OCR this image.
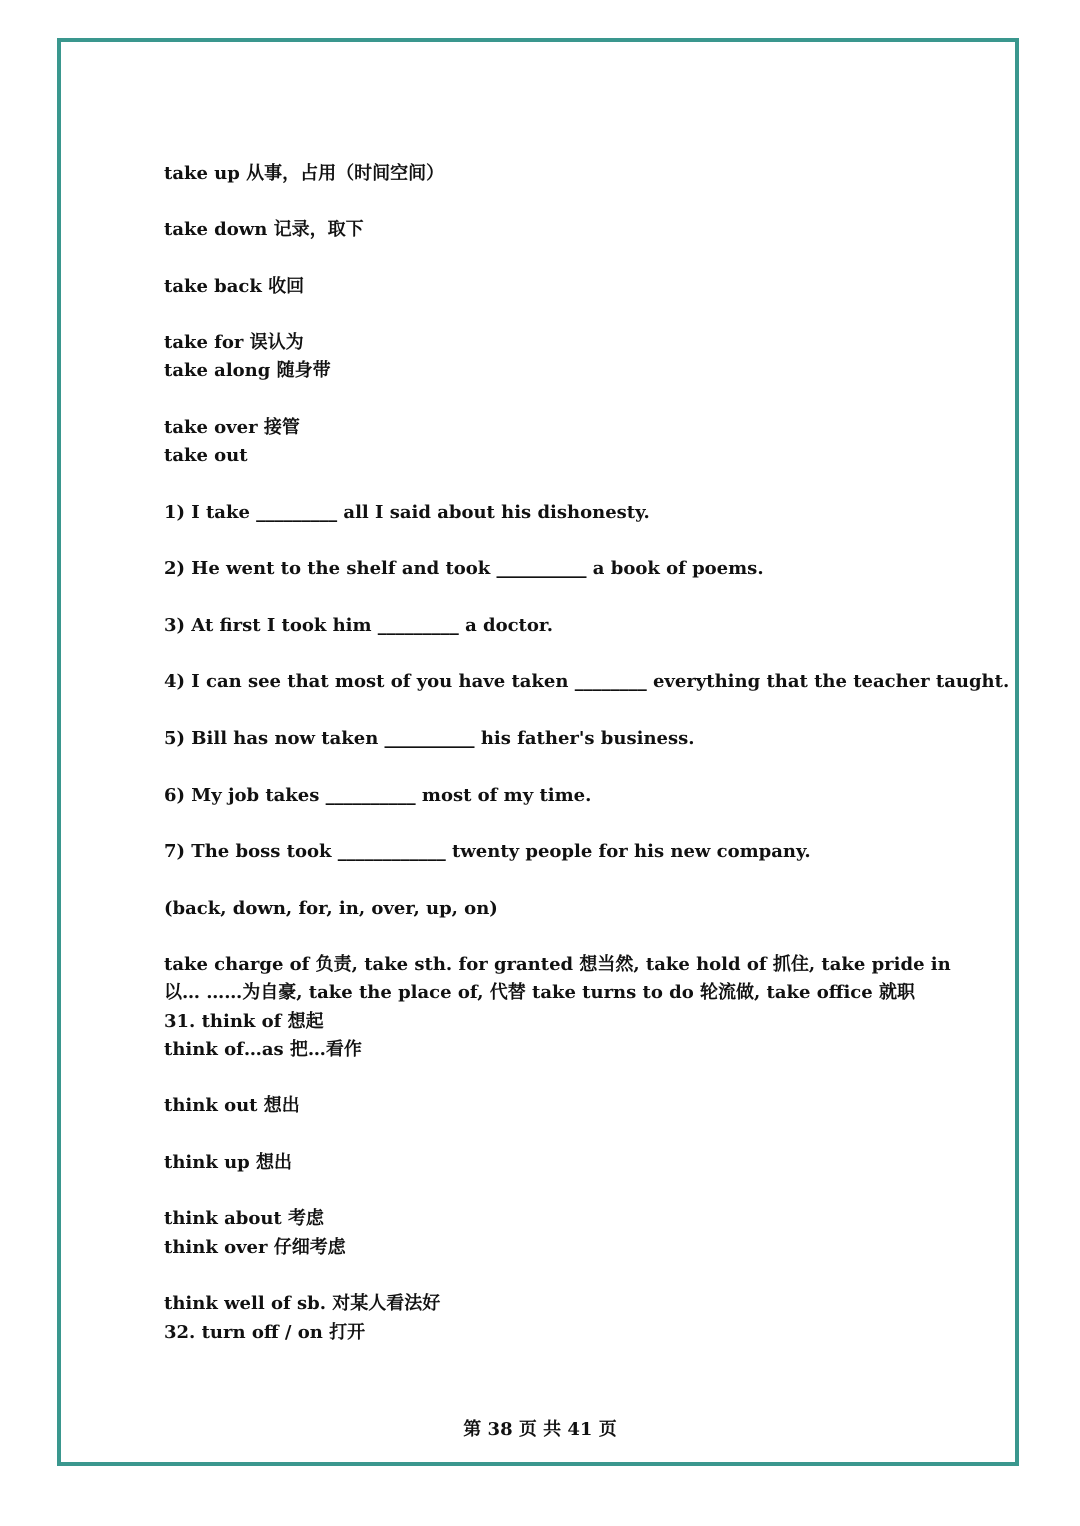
take up 从事，占用（时间空间）
take down 记录，取下
take back 收回
take for 误认为
take along 随身带
take over 接管
take out
1) I take _________ all I said about his dishonesty.
2) He went to the shelf and took __________ a book of poems.
3) At first I took him _________ a doctor.
4) I can see that most of you have taken ________ everything that the teacher taught.
5) Bill has now taken __________ his father's business.
6) My job takes __________ most of my time.
7) The boss took ____________ twenty people for his new company.
(back, down, for, in, over, up, on)
take charge of 负责, take sth. for granted 想当然, take hold of 抓住, take pride in
以… ……为自豪, take the place of, 代替 take turns to do 轮流做, take office 就职
31. think of 想起
think of…as 把…看作
think out 想出
think up 想出
think about 考虑
think over 仔细考虑
think well of sb. 对某人看法好
32. turn off / on 打开
第 38 页 共 41 页
